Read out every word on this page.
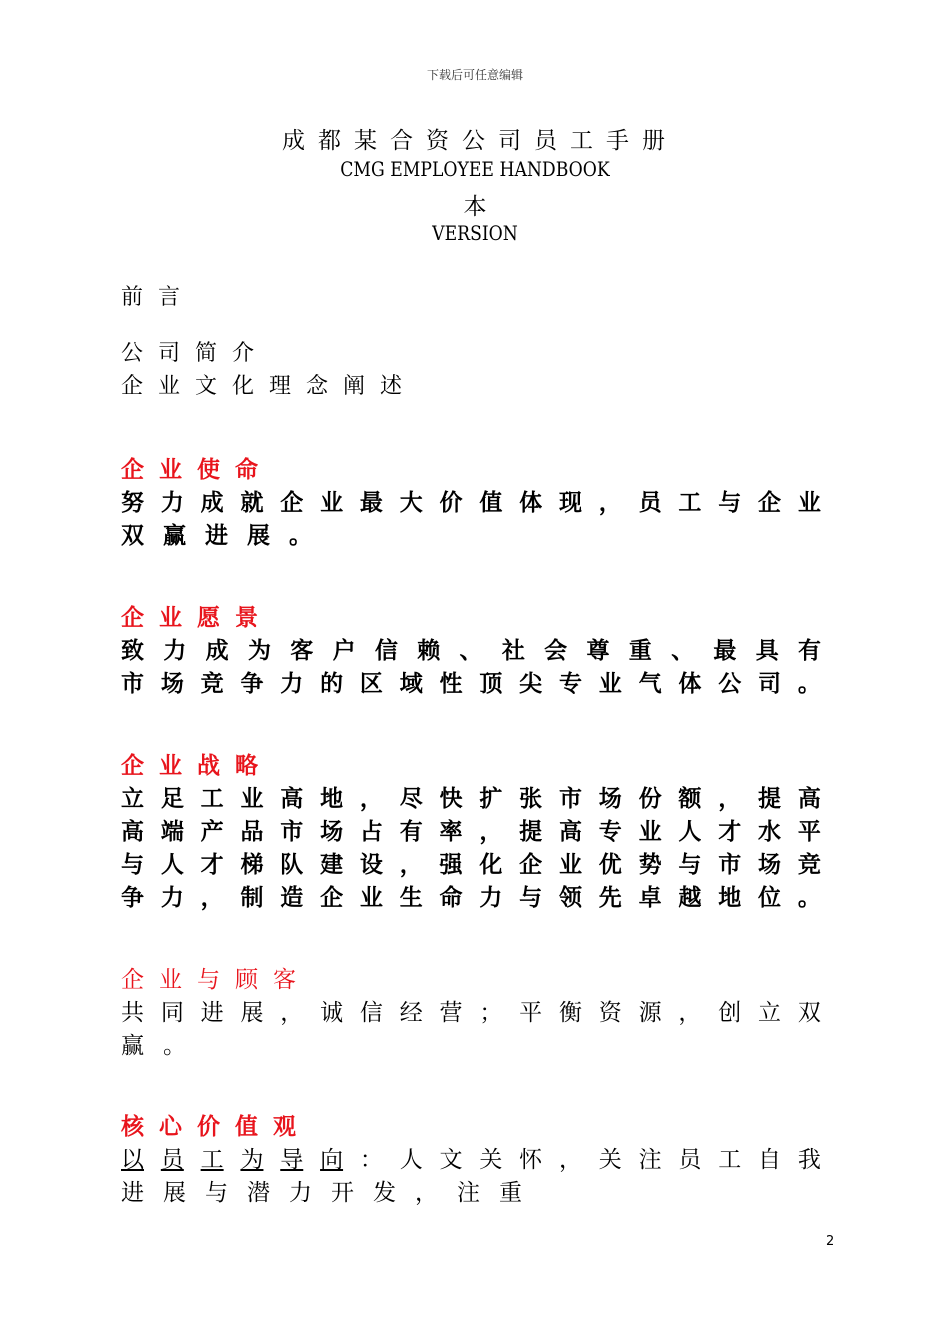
下载后可任意编辑
成都某合资公司员工手册
CMG EMPLOYEE HANDBOOK
本
VERSION
前言
公司简介
企业文化理念阐述
企业使命
努 力 成 就 企 业 最 大 价 值 体 现 ， 员 工 与 企 业
双赢进展。
企业愿景
致 力 成 为 客 户 信 赖 、 社 会 尊 重 、 最 具 有
市 场 竞 争 力 的 区 域 性 顶 尖 专 业 气 体 公 司 。
企业战略
立 足 工 业 高 地 ， 尽 快 扩 张 市 场 份 额 ， 提 高
高 端 产 品 市 场 占 有 率 ， 提 高 专 业 人 才 水 平
与 人 才 梯 队 建 设 ， 强 化 企 业 优 势 与 市 场 竞
争 力 ， 制 造 企 业 生 命 力 与 领 先 卓 越 地 位 。
企业与顾客
共 同 进 展 ， 诚 信 经 营 ； 平 衡 资 源 ， 创 立 双
赢。
核心价值观
以 员 工 为 导 向 ： 人 文 关 怀 ， 关 注 员 工 自 我
进展与潜力开发，注重
2
